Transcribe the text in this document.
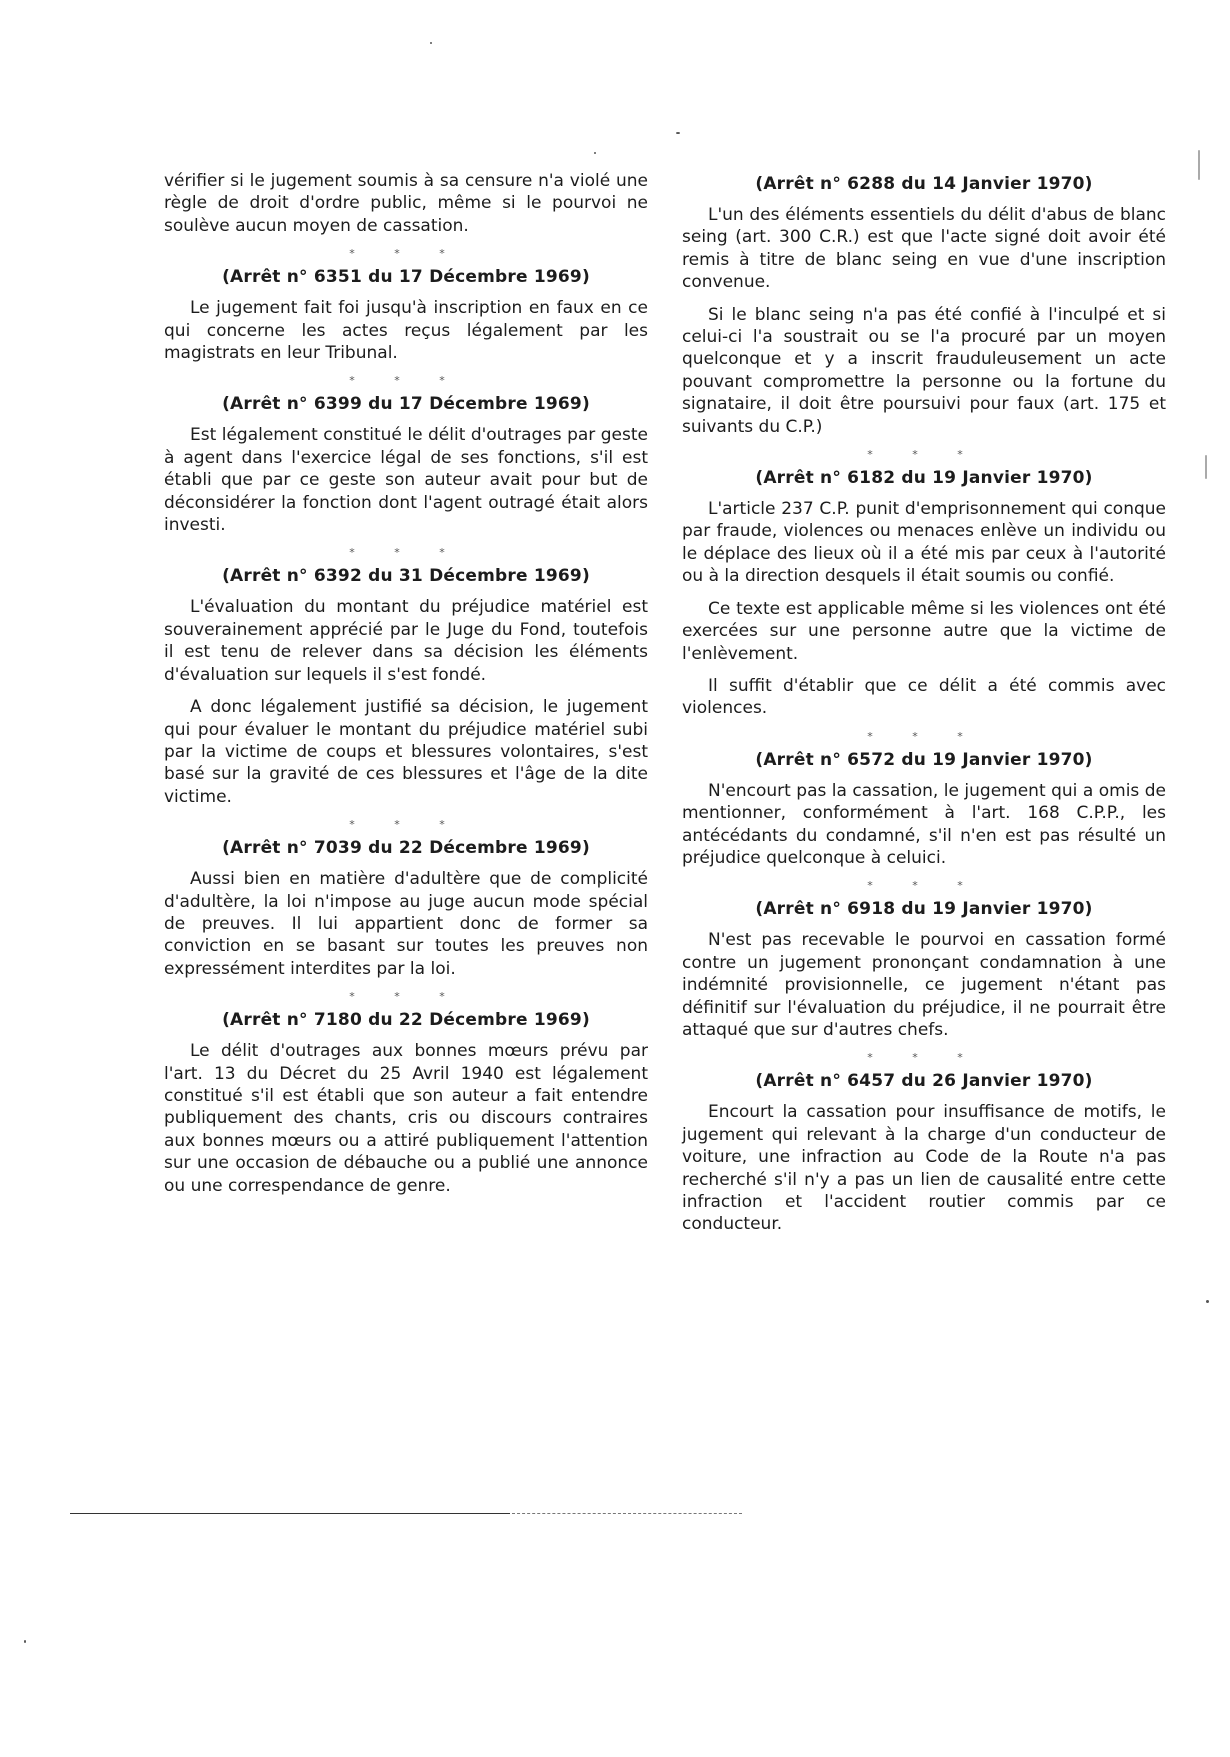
vérifier si le jugement soumis à sa censure n'a violé une règle de droit d'ordre public, même si le pourvoi ne soulève aucun moyen de cassation.

* * *
(Arrêt n° 6351 du 17 Décembre 1969)

Le jugement fait foi jusqu'à inscription en faux en ce qui concerne les actes reçus légalement par les magistrats en leur Tribunal.

* * *
(Arrêt n° 6399 du 17 Décembre 1969)

Est légalement constitué le délit d'outrages par geste à agent dans l'exercice légal de ses fonctions, s'il est établi que par ce geste son auteur avait pour but de déconsidérer la fonction dont l'agent outragé était alors investi.

* * *
(Arrêt n° 6392 du 31 Décembre 1969)

L'évaluation du montant du préjudice matériel est souverainement apprécié par le Juge du Fond, toutefois il est tenu de relever dans sa décision les éléments d'évaluation sur lequels il s'est fondé.

A donc légalement justifié sa décision, le jugement qui pour évaluer le montant du préjudice matériel subi par la victime de coups et blessures volontaires, s'est basé sur la gravité de ces blessures et l'âge de la dite victime.

* * *
(Arrêt n° 7039 du 22 Décembre 1969)

Aussi bien en matière d'adultère que de complicité d'adultère, la loi n'impose au juge aucun mode spécial de preuves. Il lui appartient donc de former sa conviction en se basant sur toutes les preuves non expressément interdites par la loi.

* * *
(Arrêt n° 7180 du 22 Décembre 1969)

Le délit d'outrages aux bonnes mœurs prévu par l'art. 13 du Décret du 25 Avril 1940 est légalement constitué s'il est établi que son auteur a fait entendre publiquement des chants, cris ou discours contraires aux bonnes mœurs ou a attiré publiquement l'attention sur une occasion de débauche ou a publié une annonce ou une correspendance de genre.

(Arrêt n° 6288 du 14 Janvier 1970)

L'un des éléments essentiels du délit d'abus de blanc seing (art. 300 C.R.) est que l'acte signé doit avoir été remis à titre de blanc seing en vue d'une inscription convenue.

Si le blanc seing n'a pas été confié à l'inculpé et si celui-ci l'a soustrait ou se l'a procuré par un moyen quelconque et y a inscrit frauduleusement un acte pouvant compromettre la personne ou la fortune du signataire, il doit être poursuivi pour faux (art. 175 et suivants du C.P.)

* * *
(Arrêt n° 6182 du 19 Janvier 1970)

L'article 237 C.P. punit d'emprisonnement qui conque par fraude, violences ou menaces enlève un individu ou le déplace des lieux où il a été mis par ceux à l'autorité ou à la direction desquels il était soumis ou confié.

Ce texte est applicable même si les violences ont été exercées sur une personne autre que la victime de l'enlèvement.

Il suffit d'établir que ce délit a été commis avec violences.

* * *
(Arrêt n° 6572 du 19 Janvier 1970)

N'encourt pas la cassation, le jugement qui a omis de mentionner, conformément à l'art. 168 C.P.P., les antécédants du condamné, s'il n'en est pas résulté un préjudice quelconque à celuici.

* * *
(Arrêt n° 6918 du 19 Janvier 1970)

N'est pas recevable le pourvoi en cassation formé contre un jugement prononçant condamnation à une indémnité provisionnelle, ce jugement n'étant pas définitif sur l'évaluation du préjudice, il ne pourrait être attaqué que sur d'autres chefs.

* * *
(Arrêt n° 6457 du 26 Janvier 1970)

Encourt la cassation pour insuffisance de motifs, le jugement qui relevant à la charge d'un conducteur de voiture, une infraction au Code de la Route n'a pas recherché s'il n'y a pas un lien de causalité entre cette infraction et l'accident routier commis par ce conducteur.
